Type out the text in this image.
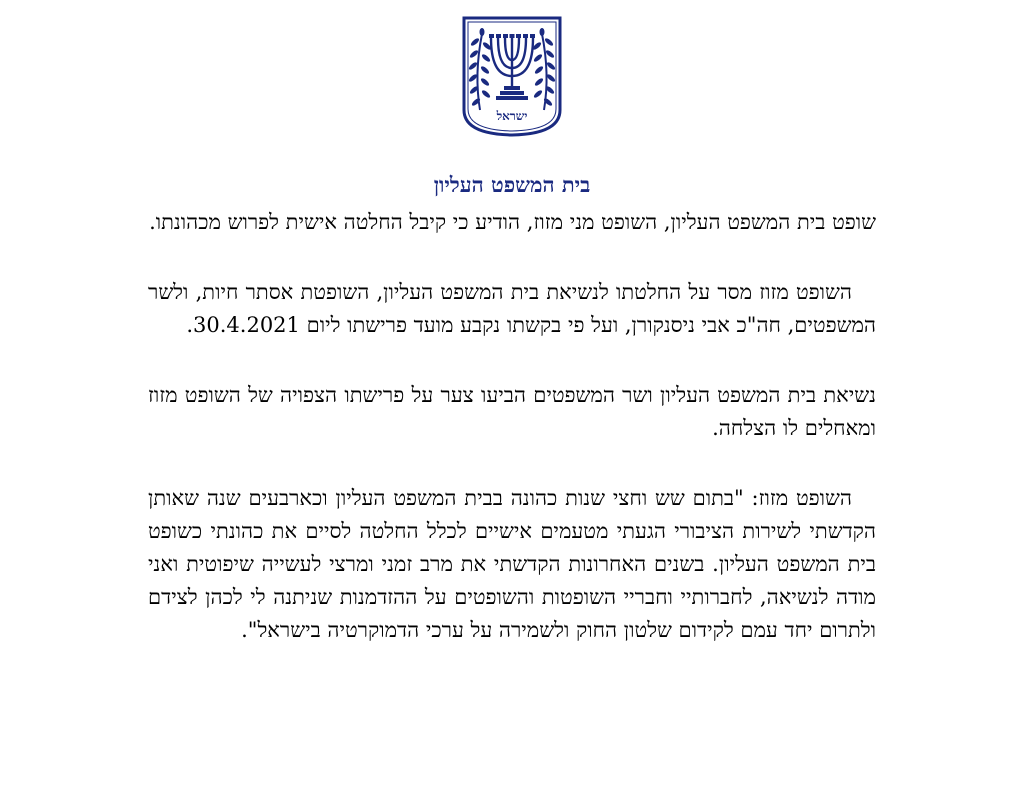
ישראל
בית המשפט העליון

שופט בית המשפט העליון, השופט מני מזוז, הודיע כי קיבל החלטה אישית לפרוש מכהונתו.

השופט מזוז מסר על החלטתו לנשיאת בית המשפט העליון, השופטת אסתר חיות, ולשר המשפטים, חה"כ אבי ניסנקורן, ועל פי בקשתו נקבע מועד פרישתו ליום 30.4.2021.

נשיאת בית המשפט העליון ושר המשפטים הביעו צער על פרישתו הצפויה של השופט מזוז ומאחלים לו הצלחה.

השופט מזוז: "בתום שש וחצי שנות כהונה בבית המשפט העליון וכארבעים שנה שאותן הקדשתי לשירות הציבורי הגעתי מטעמים אישיים לכלל החלטה לסיים את כהונתי כשופט בית המשפט העליון. בשנים האחרונות הקדשתי את מרב זמני ומרצי לעשייה שיפוטית ואני מודה לנשיאה, לחברותיי וחבריי השופטות והשופטים על ההזדמנות שניתנה לי לכהן לצידם ולתרום יחד עמם לקידום שלטון החוק ולשמירה על ערכי הדמוקרטיה בישראל".
